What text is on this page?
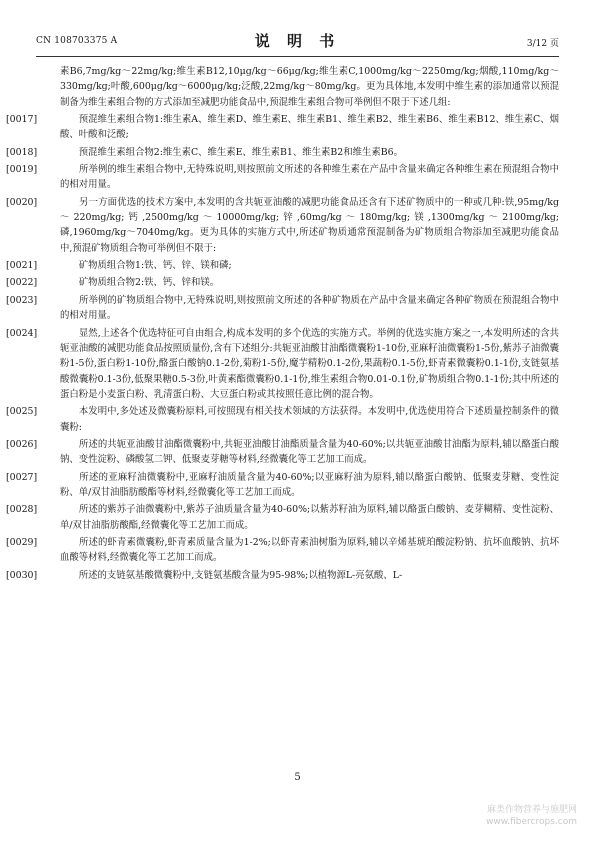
CN 108703375 A	说 明 书	3/12 页

素B6,7mg/kg～22mg/kg;维生素B12,10μg/kg～66μg/kg;维生素C,1000mg/kg～2250mg/kg;烟酸,110mg/kg～330mg/kg;叶酸,600μg/kg～6000μg/kg;泛酸,22mg/kg～80mg/kg。更为具体地,本发明中维生素的添加通常以预混制备为维生素组合物的方式添加至减肥功能食品中,预混维生素组合物可举例但不限于下述几组:

[0017] 　　预混维生素组合物1:维生素A、维生素D、维生素E、维生素B1、维生素B2、维生素B6、维生素B12、维生素C、烟酸、叶酸和泛酸;

[0018] 　　预混维生素组合物2:维生素C、维生素E、维生素B1、维生素B2和维生素B6。

[0019] 　　所举例的维生素组合物中,无特殊说明,则按照前文所述的各种维生素在产品中含量来确定各种维生素在预混组合物中的相对用量。

[0020] 　　另一方面优选的技术方案中,本发明的含共轭亚油酸的减肥功能食品还含有下述矿物质中的一种或几种:铁,95mg/kg～220mg/kg;钙,2500mg/kg～10000mg/kg;锌,60mg/kg～180mg/kg;镁,1300mg/kg～2100mg/kg;磷,1960mg/kg～7040mg/kg。更为具体的实施方式中,所述矿物质通常预混制备为矿物质组合物添加至减肥功能食品中,预混矿物质组合物可举例但不限于:

[0021] 　　矿物质组合物1:铁、钙、锌、镁和磷;

[0022] 　　矿物质组合物2:铁、钙、锌和镁。

[0023] 　　所举例的矿物质组合物中,无特殊说明,则按照前文所述的各种矿物质在产品中含量来确定各种矿物质在预混组合物中的相对用量。

[0024] 　　显然,上述各个优选特征可自由组合,构成本发明的多个优选的实施方式。举例的优选实施方案之一,本发明所述的含共轭亚油酸的减肥功能食品按照质量份,含有下述组分:共轭亚油酸甘油酯微囊粉1-10份,亚麻籽油微囊粉1-5份,紫苏子油微囊粉1-5份,蛋白粉1-10份,酪蛋白酸钠0.1-2份,菊粉1-5份,魔芋精粉0.1-2份,果蔬粉0.1-5份,虾青素微囊粉0.1-1份,支链氨基酸微囊粉0.1-3份,低聚果糖0.5-3份,叶黄素酯微囊粉0.1-1份,维生素组合物0.01-0.1份,矿物质组合物0.1-1份;其中所述的蛋白粉是小麦蛋白粉、乳清蛋白粉、大豆蛋白粉或其按照任意比例的混合物。

[0025] 　　本发明中,多处述及微囊粉原料,可按照现有相关技术领域的方法获得。本发明中,优选使用符合下述质量控制条件的微囊粉:

[0026] 　　所述的共轭亚油酸甘油酯微囊粉中,共轭亚油酸甘油酯质量含量为40-60%;以共轭亚油酸甘油酯为原料,辅以酪蛋白酸钠、变性淀粉、磷酸氢二钾、低聚麦芽糖等材料,经微囊化等工艺加工而成。

[0027] 　　所述的亚麻籽油微囊粉中,亚麻籽油质量含量为40-60%;以亚麻籽油为原料,辅以酪蛋白酸钠、低聚麦芽糖、变性淀粉、单/双甘油脂肪酸酯等材料,经微囊化等工艺加工而成。

[0028] 　　所述的紫苏子油微囊粉中,紫苏子油质量含量为40-60%;以紫苏籽油为原料,辅以酪蛋白酸钠、麦芽糊精、变性淀粉、单/双甘油脂肪酸酯,经微囊化等工艺加工而成。

[0029] 　　所述的虾青素微囊粉,虾青素质量含量为1-2%;以虾青素油树脂为原料,辅以辛烯基琥珀酸淀粉钠、抗坏血酸钠、抗坏血酸等材料,经微囊化等工艺加工而成。

[0030] 　　所述的支链氨基酸微囊粉中,支链氨基酸含量为95-98%;以植物源L-亮氨酸、L-

5
麻类作物营养与施肥网
www.fibercrops.com
